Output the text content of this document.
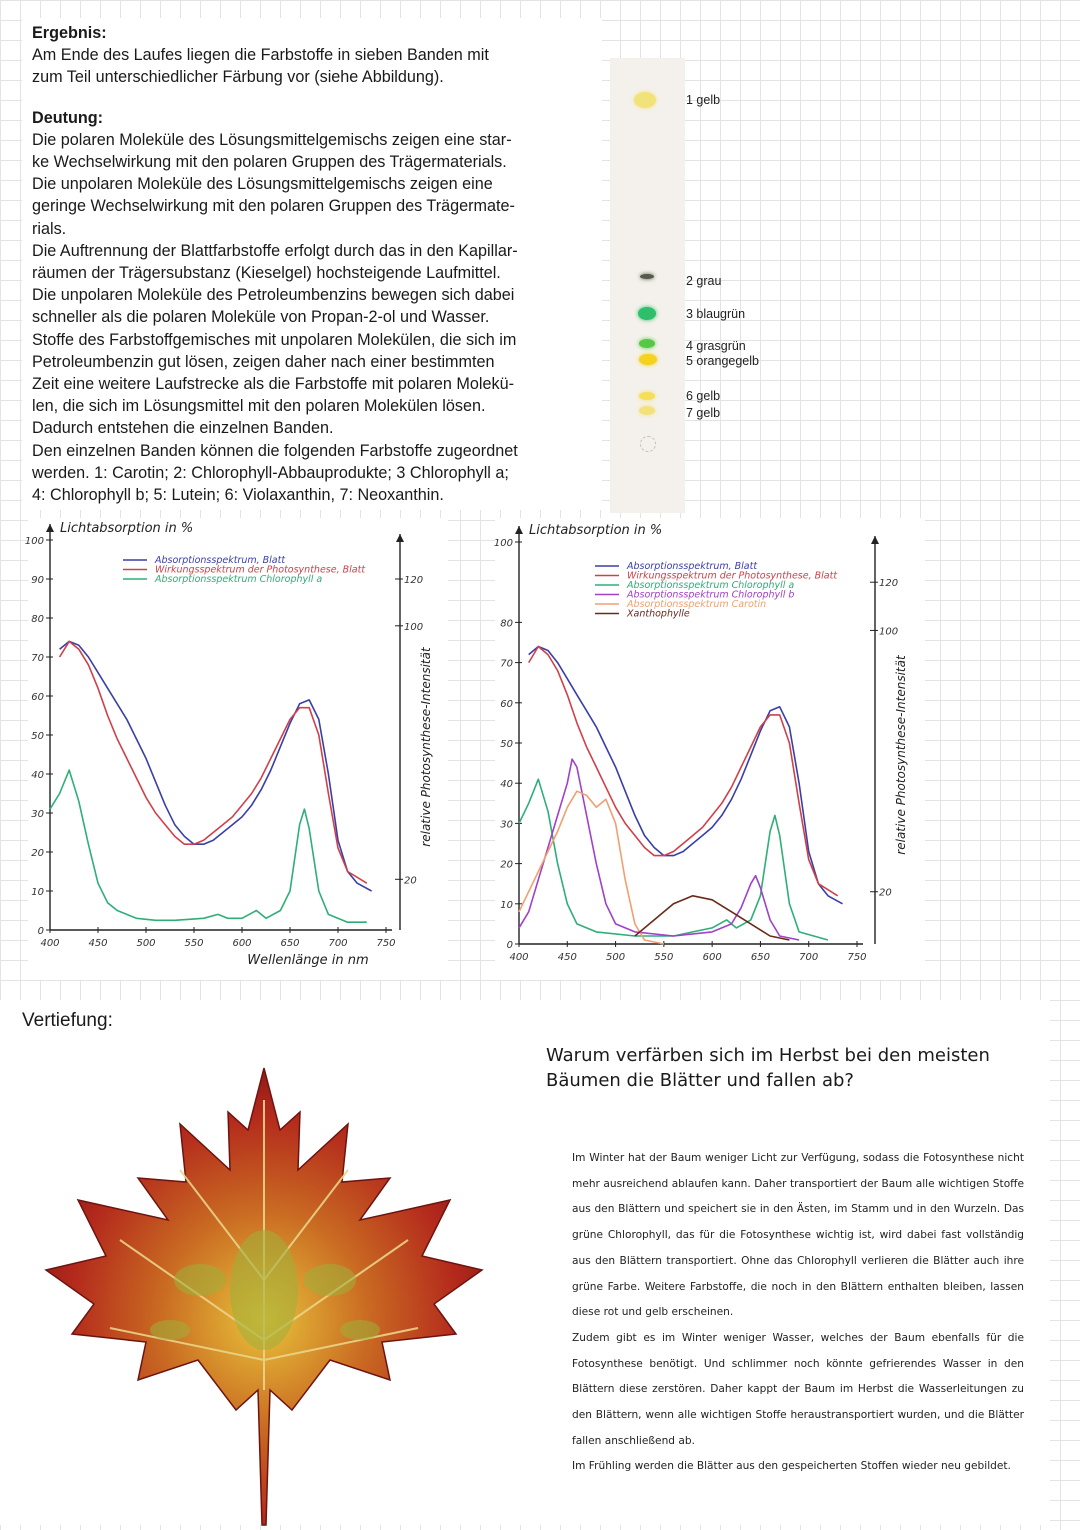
Ergebnis:
Am Ende des Laufes liegen die Farbstoffe in sieben Banden mit
zum Teil unterschiedlicher Färbung vor (siehe Abbildung).
Deutung:
Die polaren Moleküle des Lösungsmittelgemischs zeigen eine star-
ke Wechselwirkung mit den polaren Gruppen des Trägermaterials.
Die unpolaren Moleküle des Lösungsmittelgemischs zeigen eine
geringe Wechselwirkung mit den polaren Gruppen des Trägermate-
rials.
Die Auftrennung der Blattfarbstoffe erfolgt durch das in den Kapillar-
räumen der Trägersubstanz (Kieselgel) hochsteigende Laufmittel.
Die unpolaren Moleküle des Petroleumbenzins bewegen sich dabei
schneller als die polaren Moleküle von Propan-2-ol und Wasser.
Stoffe des Farbstoffgemisches mit unpolaren Molekülen, die sich im
Petroleumbenzin gut lösen, zeigen daher nach einer bestimmten
Zeit eine weitere Laufstrecke als die Farbstoffe mit polaren Molekü-
len, die sich im Lösungsmittel mit den polaren Molekülen lösen.
Dadurch entstehen die einzelnen Banden.
Den einzelnen Banden können die folgenden Farbstoffe zugeordnet
werden. 1: Carotin; 2: Chlorophyll-Abbauprodukte; 3 Chlorophyll a;
4: Chlorophyll b; 5: Lutein; 6: Violaxanthin, 7: Neoxanthin.
1 gelb
2 grau
3 blaugrün
4 grasgrün
5 orangegelb
6 gelb
7 gelb
0
10
20
30
40
50
60
70
80
90
100
400	450	500	550	600	650	700	750
20
100
120
Lichtabsorption in %
relative Photosynthese-Intensität
Wellenlänge in nm
Absorptionsspektrum, Blatt
Wirkungsspektrum der Photosynthese, Blatt
Absorptionsspektrum Chlorophyll a
0
10
20
30
40
50
60
70
80
100
400	450	500	550	600	650	700	750
20
100
120
Lichtabsorption in %
relative Photosynthese-Intensität
Absorptionsspektrum, Blatt
Wirkungsspektrum der Photosynthese, Blatt
Absorptionsspektrum Chlorophyll a
Absorptionsspektrum Chlorophyll b
Absorptionsspektrum Carotin
Xanthophylle
Vertiefung:
Warum verfärben sich im Herbst bei den meisten Bäumen die Blätter und fallen ab?

Im Winter hat der Baum weniger Licht zur Verfügung, sodass die Fotosynthese nicht mehr ausreichend ablaufen kann. Daher transportiert der Baum alle wichtigen Stoffe aus den Blättern und speichert sie in den Ästen, im Stamm und in den Wurzeln. Das grüne Chlorophyll, das für die Fotosynthese wichtig ist, wird dabei fast vollständig aus den Blättern transportiert. Ohne das Chlorophyll verlieren die Blätter auch ihre grüne Farbe. Weitere Farbstoffe, die noch in den Blättern enthalten bleiben, lassen diese rot und gelb erscheinen.

Zudem gibt es im Winter weniger Wasser, welches der Baum ebenfalls für die Fotosynthese benötigt. Und schlimmer noch könnte gefrierendes Wasser in den Blättern diese zerstören. Daher kappt der Baum im Herbst die Wasserleitungen zu den Blättern, wenn alle wichtigen Stoffe heraustransportiert wurden, und die Blätter fallen anschließend ab.

Im Frühling werden die Blätter aus den gespeicherten Stoffen wieder neu gebildet.
